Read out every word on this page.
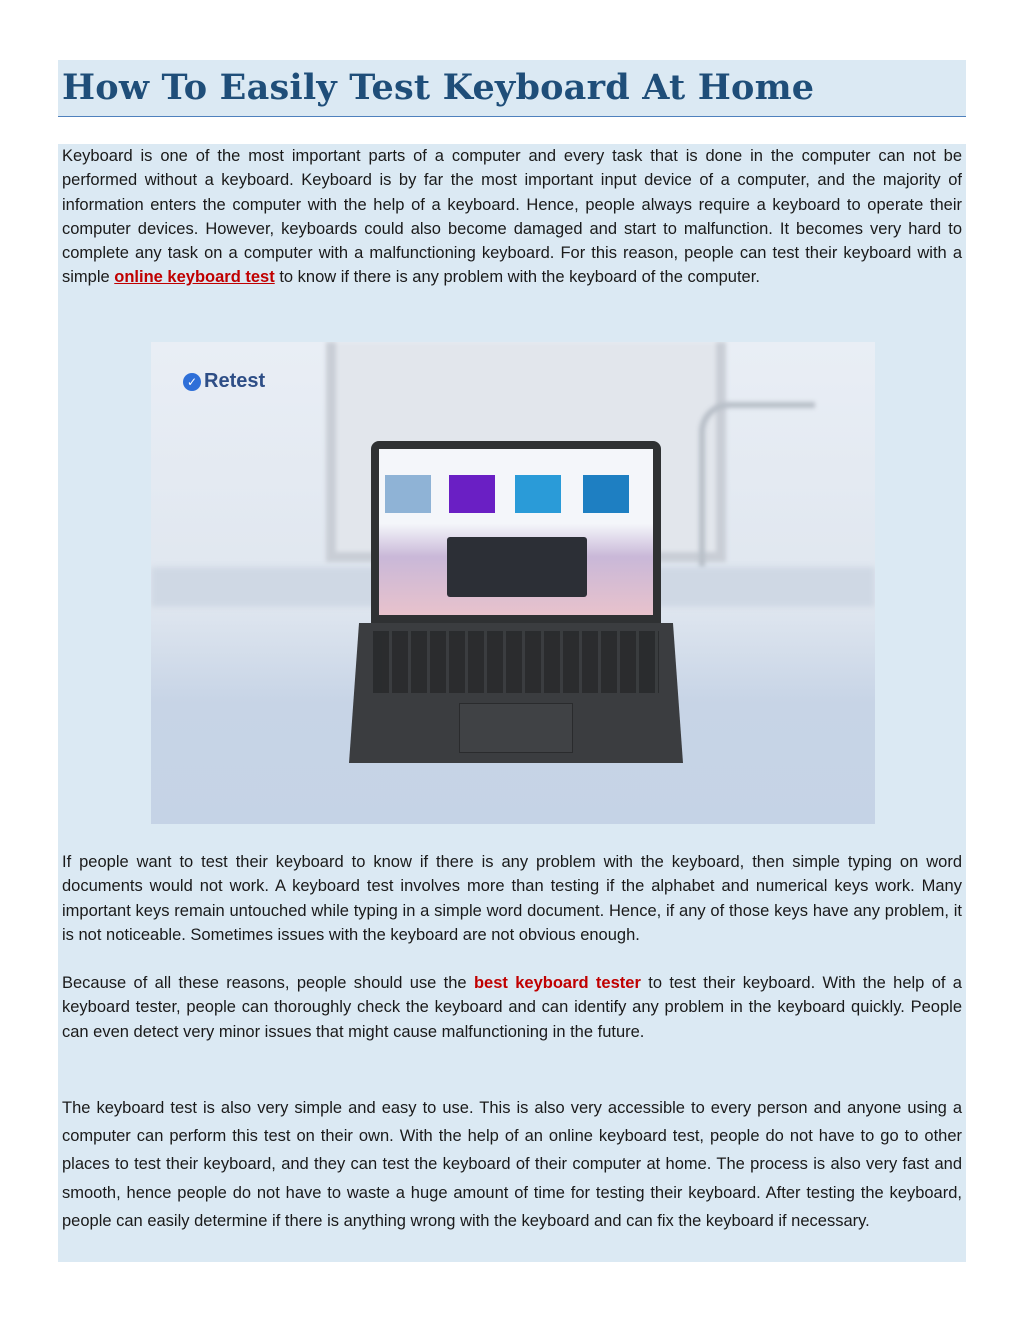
How To Easily Test Keyboard At Home

Keyboard is one of the most important parts of a computer and every task that is done in the computer can not be performed without a keyboard. Keyboard is by far the most important input device of a computer, and the majority of information enters the computer with the help of a keyboard. Hence, people always require a keyboard to operate their computer devices. However, keyboards could also become damaged and start to malfunction. It becomes very hard to complete any task on a computer with a malfunctioning keyboard. For this reason, people can test their keyboard with a simple online keyboard test to know if there is any problem with the keyboard of the computer.

✓ Retest

If people want to test their keyboard to know if there is any problem with the keyboard, then simple typing on word documents would not work. A keyboard test involves more than testing if the alphabet and numerical keys work. Many important keys remain untouched while typing in a simple word document. Hence, if any of those keys have any problem, it is not noticeable. Sometimes issues with the keyboard are not obvious enough.

Because of all these reasons, people should use the best keyboard tester to test their keyboard. With the help of a keyboard tester, people can thoroughly check the keyboard and can identify any problem in the keyboard quickly. People can even detect very minor issues that might cause malfunctioning in the future.

The keyboard test is also very simple and easy to use. This is also very accessible to every person and anyone using a computer can perform this test on their own. With the help of an online keyboard test, people do not have to go to other places to test their keyboard, and they can test the keyboard of their computer at home. The process is also very fast and smooth, hence people do not have to waste a huge amount of time for testing their keyboard. After testing the keyboard, people can easily determine if there is anything wrong with the keyboard and can fix the keyboard if necessary.
